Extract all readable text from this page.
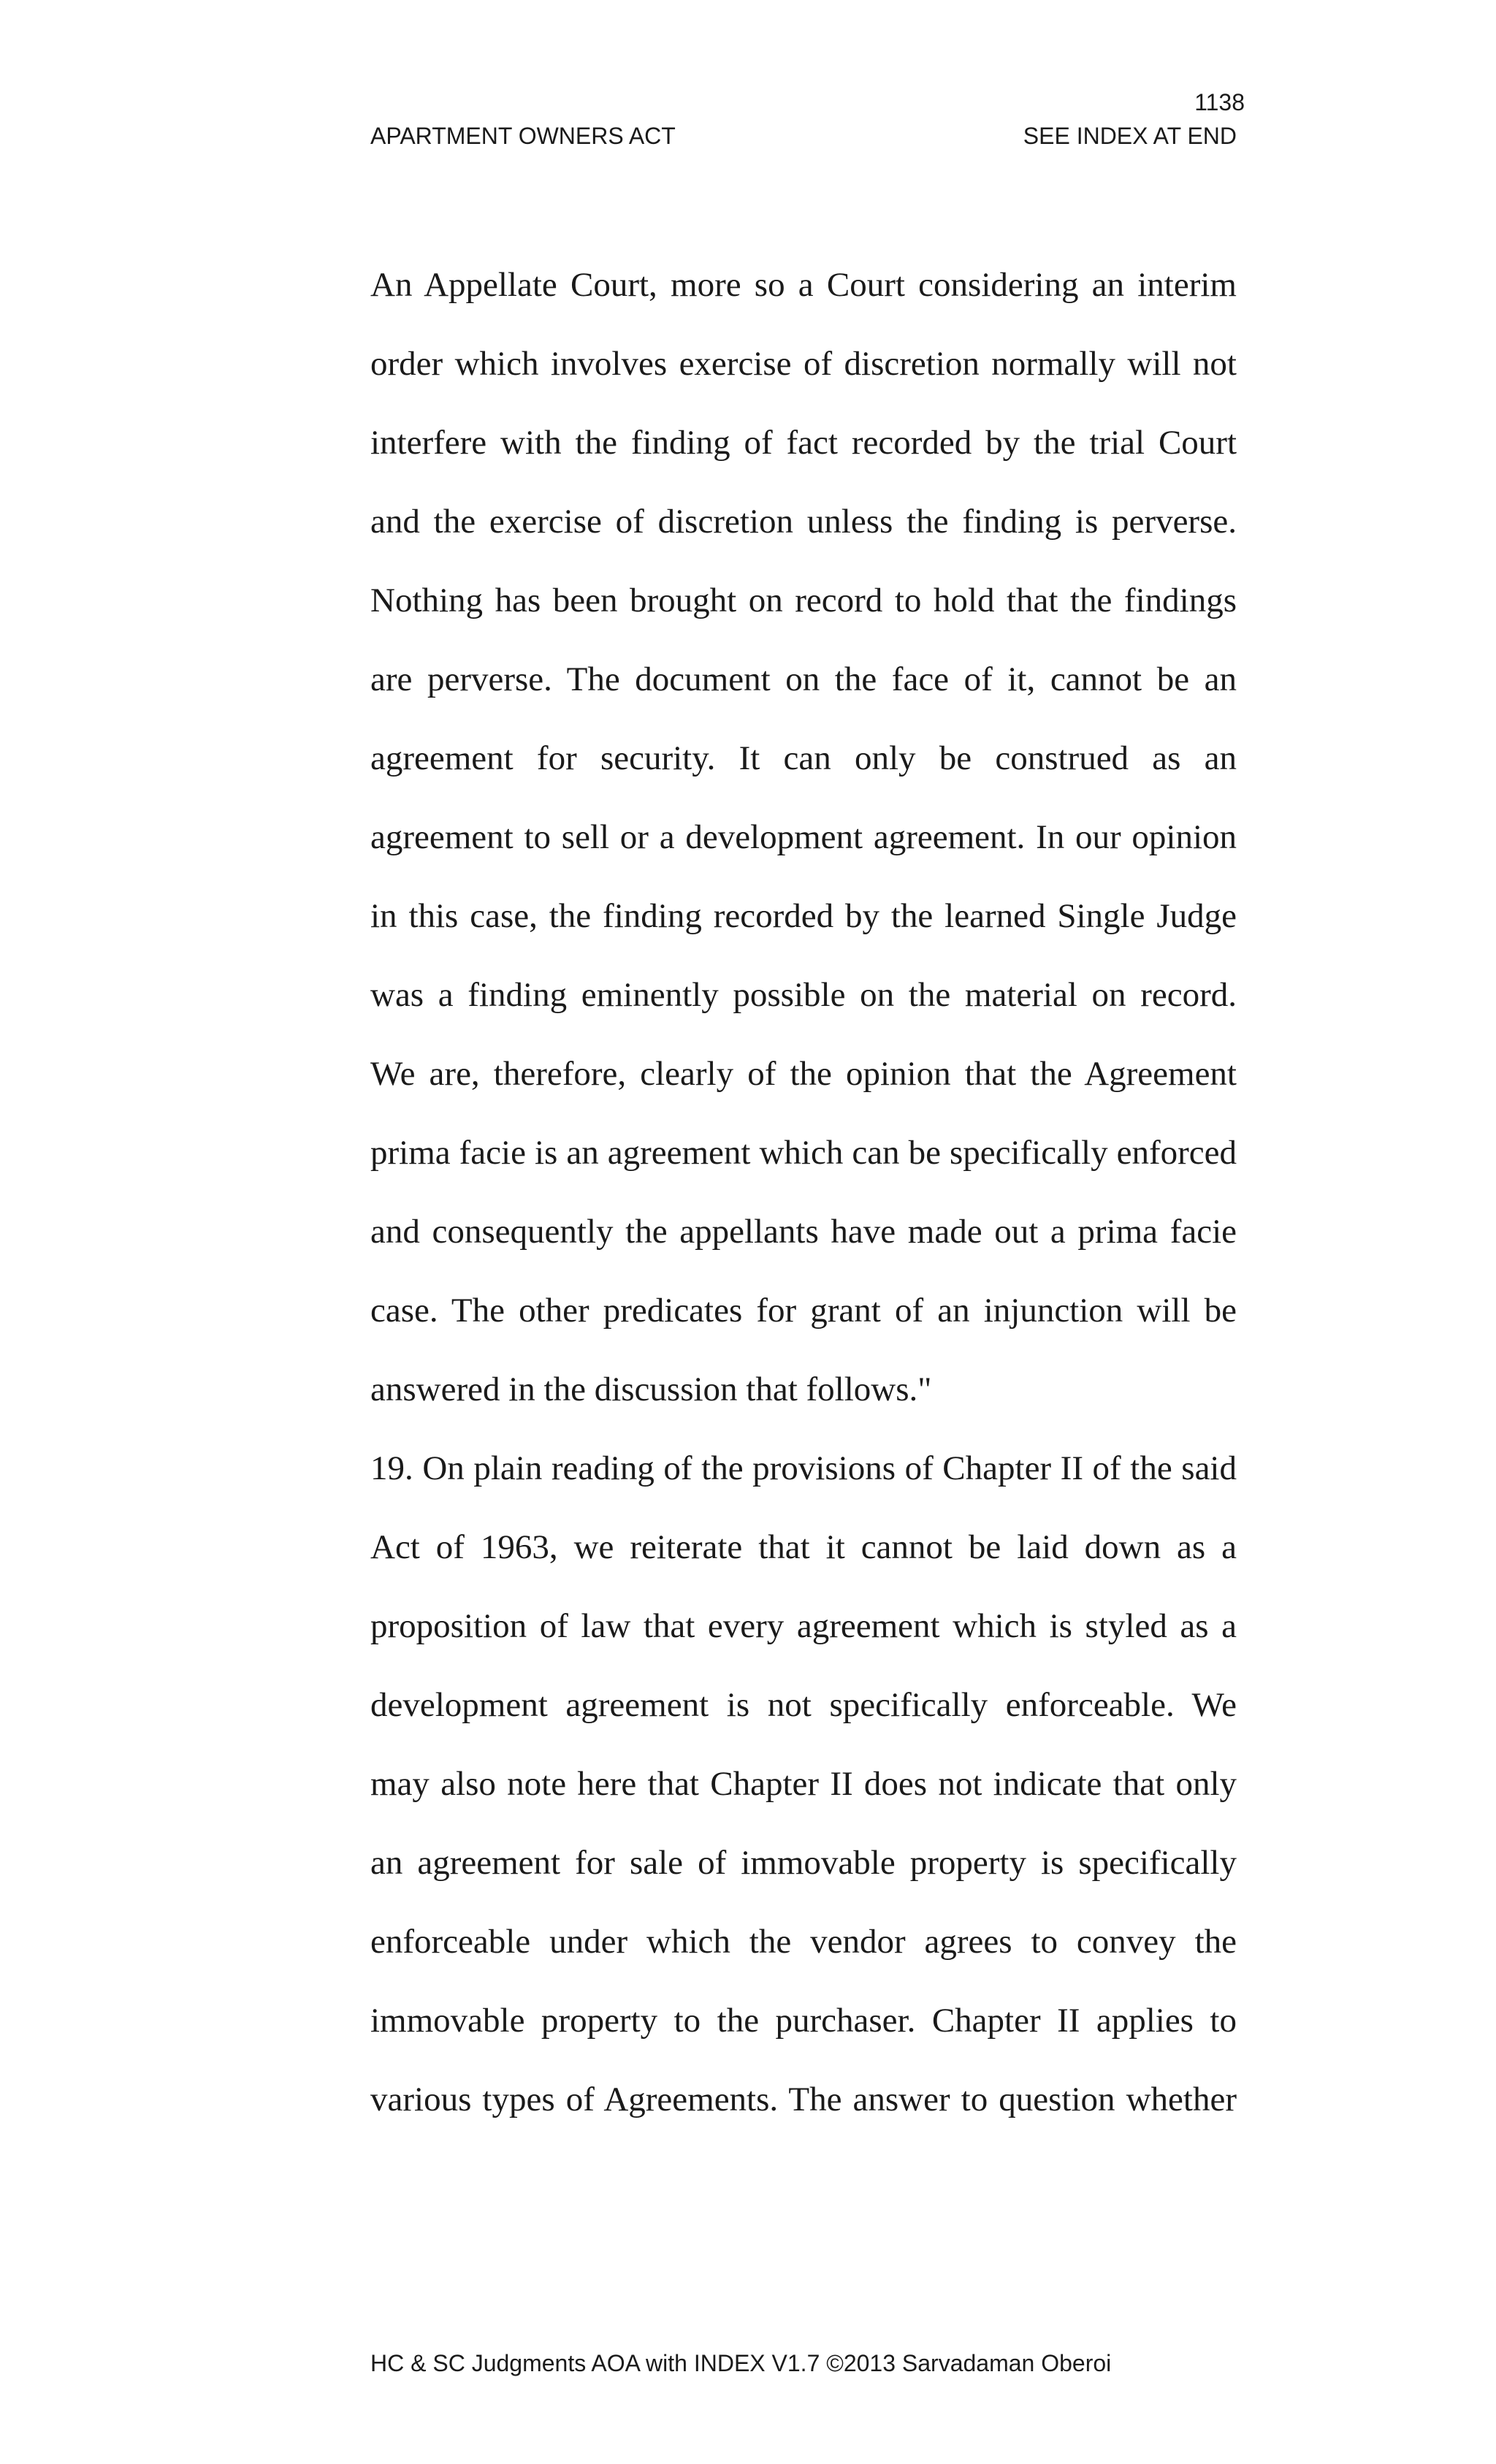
1138
APARTMENT OWNERS ACT	SEE INDEX AT END
An Appellate Court, more so a Court considering an interim
order which involves exercise of discretion normally will not
interfere with the finding of fact recorded by the trial Court
and the exercise of discretion unless the finding is perverse.
Nothing has been brought on record to hold that the findings
are perverse. The document on the face of it, cannot be an
agreement for security. It can only be construed as an
agreement to sell or a development agreement. In our opinion
in this case, the finding recorded by the learned Single Judge
was a finding eminently possible on the material on record.
We are, therefore, clearly of the opinion that the Agreement
prima facie is an agreement which can be specifically enforced
and consequently the appellants have made out a prima facie
case. The other predicates for grant of an injunction will be
answered in the discussion that follows."
19. On plain reading of the provisions of Chapter II of the said
Act of 1963, we reiterate that it cannot be laid down as a
proposition of law that every agreement which is styled as a
development agreement is not specifically enforceable. We
may also note here that Chapter II does not indicate that only
an agreement for sale of immovable property is specifically
enforceable under which the vendor agrees to convey the
immovable property to the purchaser. Chapter II applies to
various types of Agreements. The answer to question whether
HC & SC Judgments AOA with INDEX V1.7 ©2013 Sarvadaman Oberoi
